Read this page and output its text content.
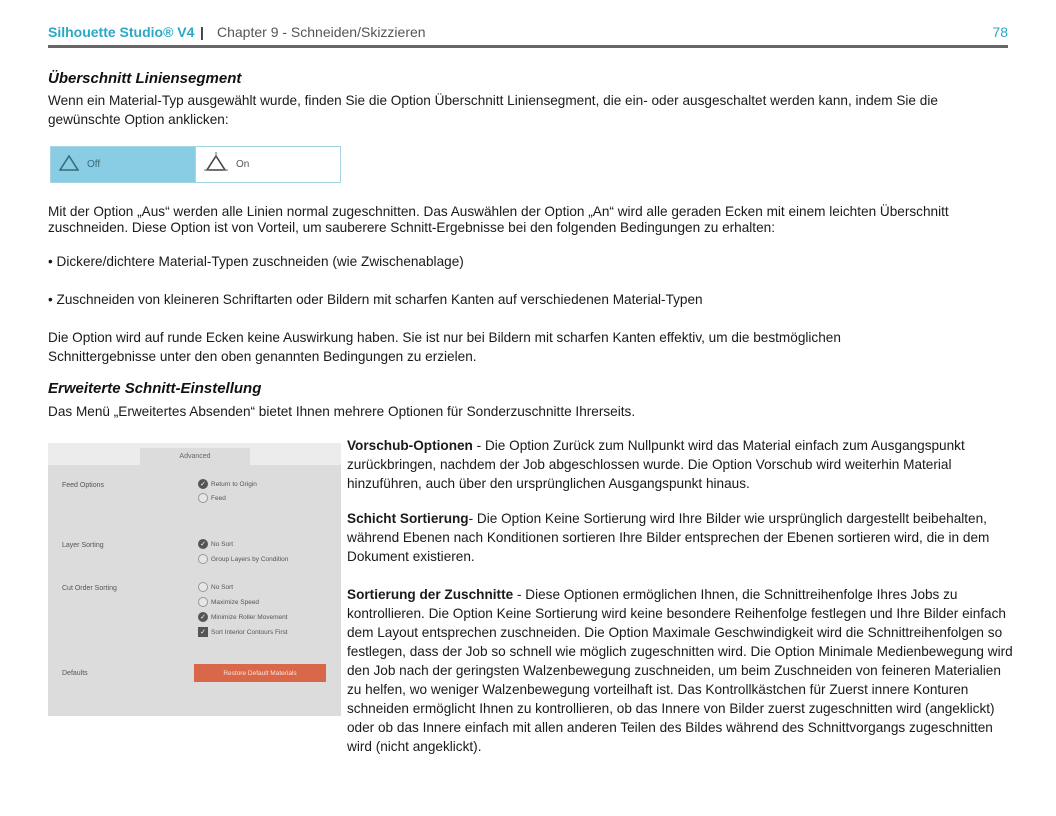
Silhouette Studio® V4 | Chapter 9 - Schneiden/Skizzieren	78
Überschnitt Liniensegment
Wenn ein Material-Typ ausgewählt wurde, finden Sie die Option Überschnitt Liniensegment, die ein- oder ausgeschaltet werden kann, indem Sie die gewünschte Option anklicken:
Off	On
Mit der Option „Aus“ werden alle Linien normal zugeschnitten. Das Auswählen der Option „An“ wird alle geraden Ecken mit einem leichten Überschnitt zuschneiden. Diese Option ist von Vorteil, um sauberere Schnitt-Ergebnisse bei den folgenden Bedingungen zu erhalten:
• Dickere/dichtere Material-Typen zuschneiden (wie Zwischenablage)
• Zuschneiden von kleineren Schriftarten oder Bildern mit scharfen Kanten auf verschiedenen Material-Typen
Die Option wird auf runde Ecken keine Auswirkung haben. Sie ist nur bei Bildern mit scharfen Kanten effektiv, um die bestmöglichen Schnittergebnisse unter den oben genannten Bedingungen zu erzielen.
Erweiterte Schnitt-Einstellung
Das Menü „Erweitertes Absenden“ bietet Ihnen mehrere Optionen für Sonderzuschnitte Ihrerseits.
Advanced
Feed Options	✓ Return to Origin
Feed
Layer Sorting	✓ No Sort
Group Layers by Condition
Cut Order Sorting	No Sort
Maximize Speed
✓ Minimize Roller Movement
✓ Sort Interior Contours First
Defaults	Restore Default Materials
Vorschub-Optionen - Die Option Zurück zum Nullpunkt wird das Material einfach zum Ausgangspunkt zurückbringen, nachdem der Job abgeschlossen wurde. Die Option Vorschub wird weiterhin Material hinzuführen, auch über den ursprünglichen Ausgangspunkt hinaus.
Schicht Sortierung- Die Option Keine Sortierung wird Ihre Bilder wie ursprünglich dargestellt beibehalten, während Ebenen nach Konditionen sortieren Ihre Bilder entsprechen der Ebenen sortieren wird, die in dem Dokument existieren.
Sortierung der Zuschnitte - Diese Optionen ermöglichen Ihnen, die Schnittreihenfolge Ihres Jobs zu kontrollieren. Die Option Keine Sortierung wird keine besondere Reihenfolge festlegen und Ihre Bilder einfach dem Layout entsprechen zuschneiden. Die Option Maximale Geschwindigkeit wird die Schnittreihenfolgen so festlegen, dass der Job so schnell wie möglich zugeschnitten wird. Die Option Minimale Medienbewegung wird den Job nach der geringsten Walzenbewegung zuschneiden, um beim Zuschneiden von feineren Materialien zu helfen, wo weniger Walzenbewegung vorteilhaft ist. Das Kontrollkästchen für Zuerst innere Konturen schneiden ermöglicht Ihnen zu kontrollieren, ob das Innere von Bilder zuerst zugeschnitten wird (angeklickt) oder ob das Innere einfach mit allen anderen Teilen des Bildes während des Schnittvorgangs zugeschnitten wird (nicht angeklickt).
